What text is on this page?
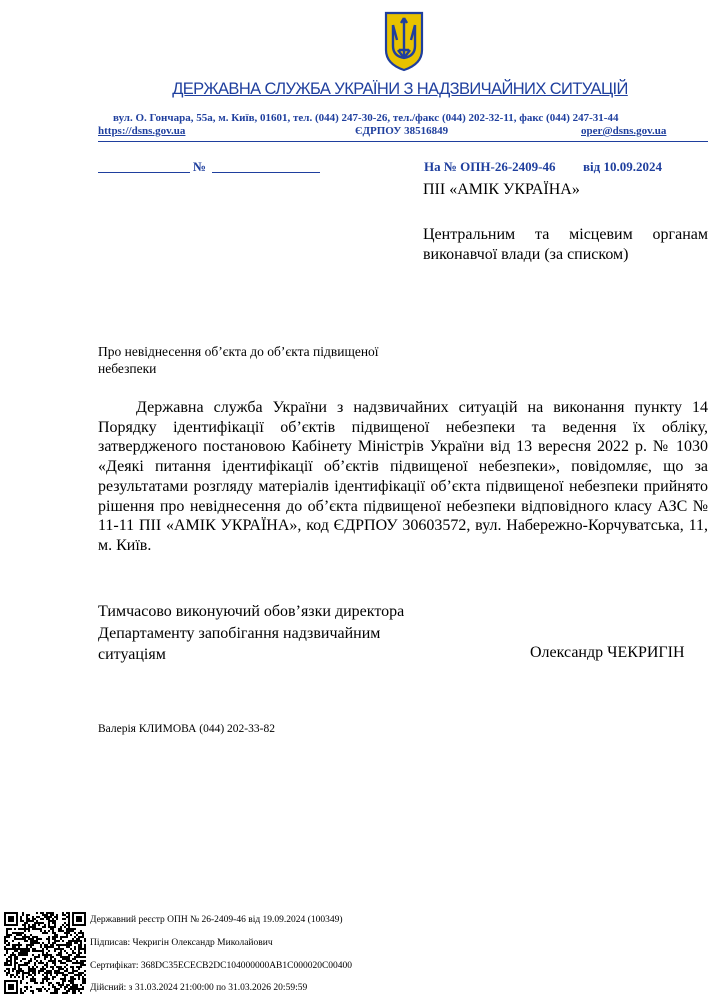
ДЕРЖАВНА СЛУЖБА УКРАЇНИ З НАДЗВИЧАЙНИХ СИТУАЦІЙ
вул. О. Гончара, 55а, м. Київ, 01601, тел. (044) 247-30-26, тел./факс (044) 202-32-11, факс (044) 247-31-44
https://dsns.gov.ua	ЄДРПОУ 38516849	oper@dsns.gov.ua
№	На № ОПН-26-2409-46 від 10.09.2024
ПІІ «АМІК УКРАЇНА»
Центральним та місцевим органам виконавчої влади (за списком)
Про невіднесення об’єкта до об’єкта підвищеної небезпеки
Державна служба України з надзвичайних ситуацій на виконання пункту 14 Порядку ідентифікації об’єктів підвищеної небезпеки та ведення їх обліку, затвердженого постановою Кабінету Міністрів України від 13 вересня 2022 р. № 1030 «Деякі питання ідентифікації об’єктів підвищеної небезпеки», повідомляє, що за результатами розгляду матеріалів ідентифікації об’єкта підвищеної небезпеки прийнято рішення про невіднесення до об’єкта підвищеної небезпеки відповідного класу АЗС № 11-11 ПІІ «АМІК УКРАЇНА», код ЄДРПОУ 30603572, вул. Набережно-Корчуватська, 11, м. Київ.
Тимчасово виконуючий обов’язки директора Департаменту запобігання надзвичайним ситуаціям	Олександр ЧЕКРИГІН
Валерія КЛИМОВА (044) 202-33-82
Державний реєстр ОПН № 26-2409-46 від 19.09.2024 (100349)
Підписав: Чекригін Олександр Миколайович
Сертифікат: 368DC35ECECB2DC104000000AB1C000020C00400
Дійсний: з 31.03.2024 21:00:00 по 31.03.2026 20:59:59
